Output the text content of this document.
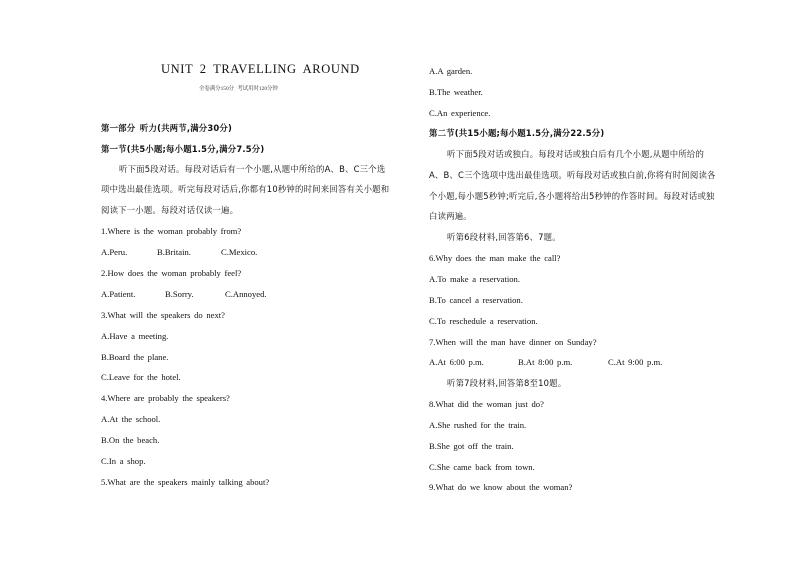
UNIT 2 TRAVELLING AROUND
全卷满分150分 考试用时120分钟
第一部分 听力(共两节,满分30分)
第一节(共5小题;每小题1.5分,满分7.5分)
听下面5段对话。每段对话后有一个小题,从题中所给的A、B、C三个选
项中选出最佳选项。听完每段对话后,你都有10秒钟的时间来回答有关小题和
阅读下一小题。每段对话仅读一遍。
1.Where is the woman probably from?
A.Peru.	B.Britain.	C.Mexico.
2.How does the woman probably feel?
A.Patient.	B.Sorry.	C.Annoyed.
3.What will the speakers do next?
A.Have a meeting.
B.Board the plane.
C.Leave for the hotel.
4.Where are probably the speakers?
A.At the school.
B.On the beach.
C.In a shop.
5.What are the speakers mainly talking about?
A.A garden.
B.The weather.
C.An experience.
第二节(共15小题;每小题1.5分,满分22.5分)
听下面5段对话或独白。每段对话或独白后有几个小题,从题中所给的
A、B、C三个选项中选出最佳选项。听每段对话或独白前,你将有时间阅读各
个小题,每小题5秒钟;听完后,各小题将给出5秒钟的作答时间。每段对话或独
白读两遍。
听第6段材料,回答第6、7题。
6.Why does the man make the call?
A.To make a reservation.
B.To cancel a reservation.
C.To reschedule a reservation.
7.When will the man have dinner on Sunday?
A.At 6:00 p.m.	B.At 8:00 p.m.	C.At 9:00 p.m.
听第7段材料,回答第8至10题。
8.What did the woman just do?
A.She rushed for the train.
B.She got off the train.
C.She came back from town.
9.What do we know about the woman?
